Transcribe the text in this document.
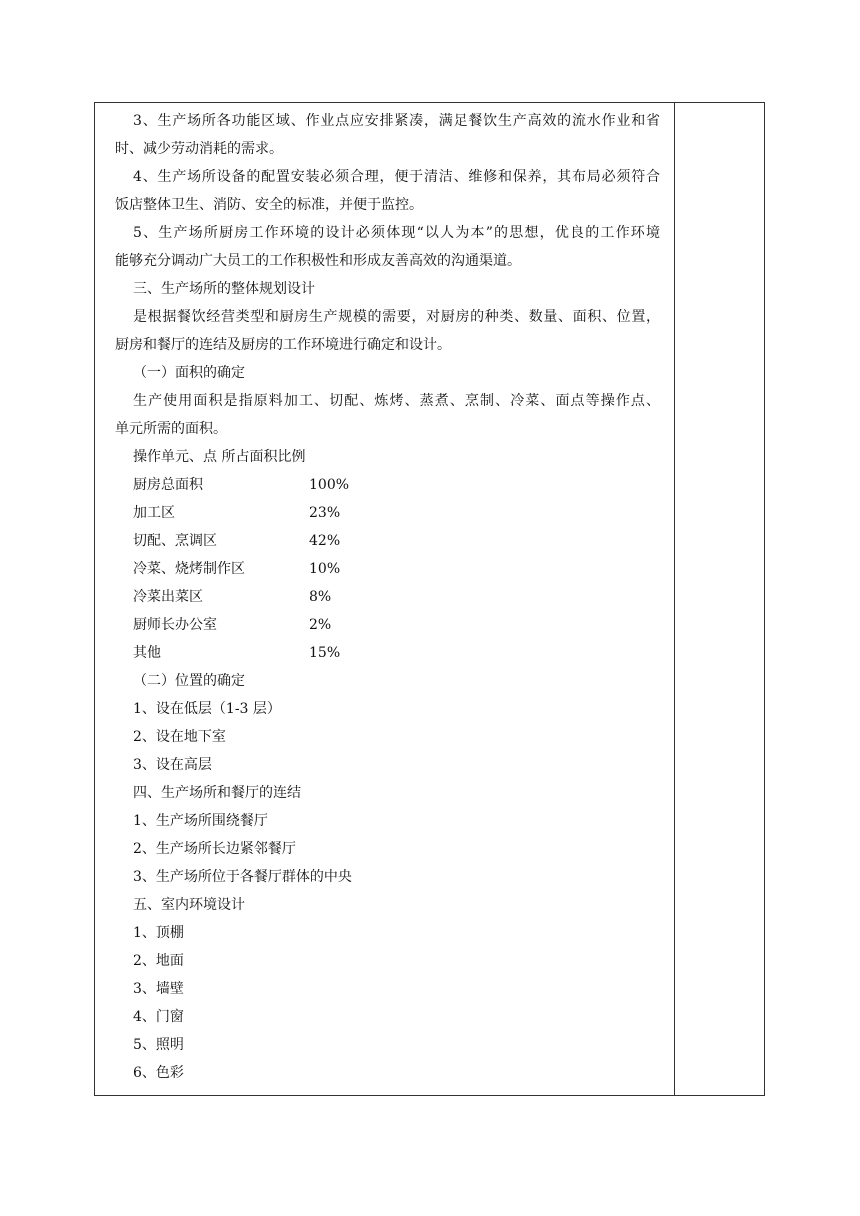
3、生产场所各功能区域、作业点应安排紧凑，满足餐饮生产高效的流水作业和省
时、减少劳动消耗的需求。
4、生产场所设备的配置安装必须合理，便于清洁、维修和保养，其布局必须符合
饭店整体卫生、消防、安全的标准，并便于监控。
5、生产场所厨房工作环境的设计必须体现“以人为本”的思想，优良的工作环境
能够充分调动广大员工的工作积极性和形成友善高效的沟通渠道。
三、生产场所的整体规划设计
是根据餐饮经营类型和厨房生产规模的需要，对厨房的种类、数量、面积、位置，
厨房和餐厅的连结及厨房的工作环境进行确定和设计。
（一）面积的确定
生产使用面积是指原料加工、切配、炼烤、蒸煮、烹制、冷菜、面点等操作点、
单元所需的面积。
操作单元、点 所占面积比例
厨房总面积	100%
加工区	23%
切配、烹调区	42%
冷菜、烧烤制作区	10%
冷菜出菜区	8%
厨师长办公室	2%
其他	15%
（二）位置的确定
1、设在低层（1-3 层）
2、设在地下室
3、设在高层
四、生产场所和餐厅的连结
1、生产场所围绕餐厅
2、生产场所长边紧邻餐厅
3、生产场所位于各餐厅群体的中央
五、室内环境设计
1、顶棚
2、地面
3、墙壁
4、门窗
5、照明
6、色彩
